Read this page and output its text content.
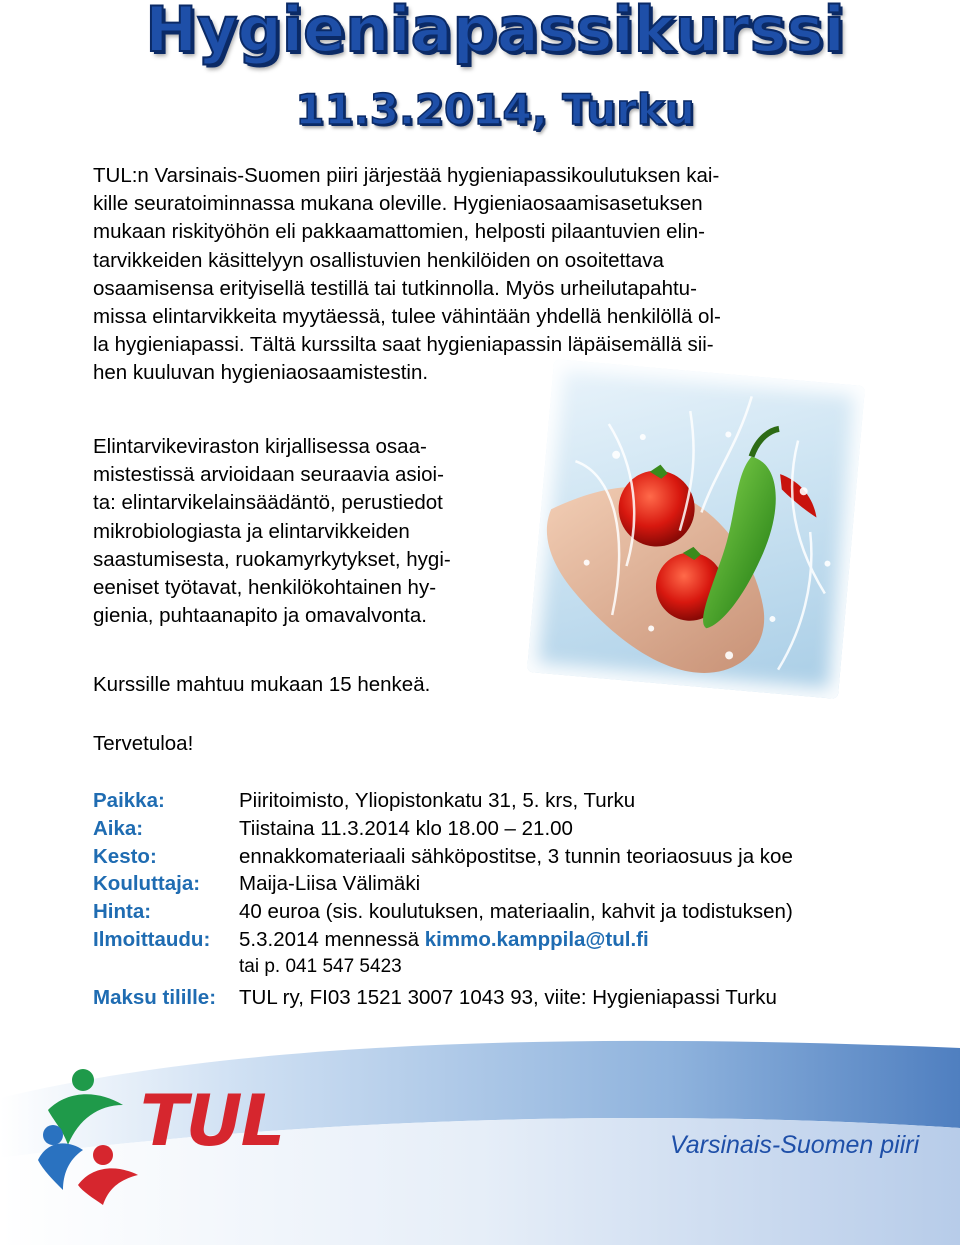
Hygieniapassikurssi
11.3.2014, Turku

TUL:n Varsinais-Suomen piiri järjestää hygieniapassikoulutuksen kai-
kille seuratoiminnassa mukana oleville. Hygieniaosaamisasetuksen
mukaan riskityöhön eli pakkaamattomien, helposti pilaantuvien elin-
tarvikkeiden käsittelyyn osallistuvien henkilöiden on osoitettava
osaamisensa erityisellä testillä tai tutkinnolla. Myös urheilutapahtu-
missa elintarvikkeita myytäessä, tulee vähintään yhdellä henkilöllä ol-
la hygieniapassi. Tältä kurssilta saat hygieniapassin läpäisemällä sii-
hen kuuluvan hygieniaosaamistestin.

Elintarvikeviraston kirjallisessa osaa-
mistestissä arvioidaan seuraavia asioi-
ta: elintarvikelainsäädäntö, perustiedot
mikrobiologiasta ja elintarvikkeiden
saastumisesta, ruokamyrkytykset, hygi-
eeniset työtavat, henkilökohtainen hy-
gienia, puhtaanapito ja omavalvonta.

Kurssille mahtuu mukaan 15 henkeä.

Tervetuloa!

Paikka:	Piiritoimisto, Yliopistonkatu 31, 5. krs, Turku
Aika:	Tiistaina 11.3.2014 klo 18.00 – 21.00
Kesto:	ennakkomateriaali sähköpostitse, 3 tunnin teoriaosuus ja koe
Kouluttaja: Maija-Liisa Välimäki
Hinta:	40 euroa (sis. koulutuksen, materiaalin, kahvit ja todistuksen)
Ilmoittaudu: 5.3.2014 mennessä kimmo.kamppila@tul.fi
tai p. 041 547 5423
Maksu tilille: TUL ry, FI03 1521 3007 1043 93, viite: Hygieniapassi Turku
TUL	Varsinais-Suomen piiri
